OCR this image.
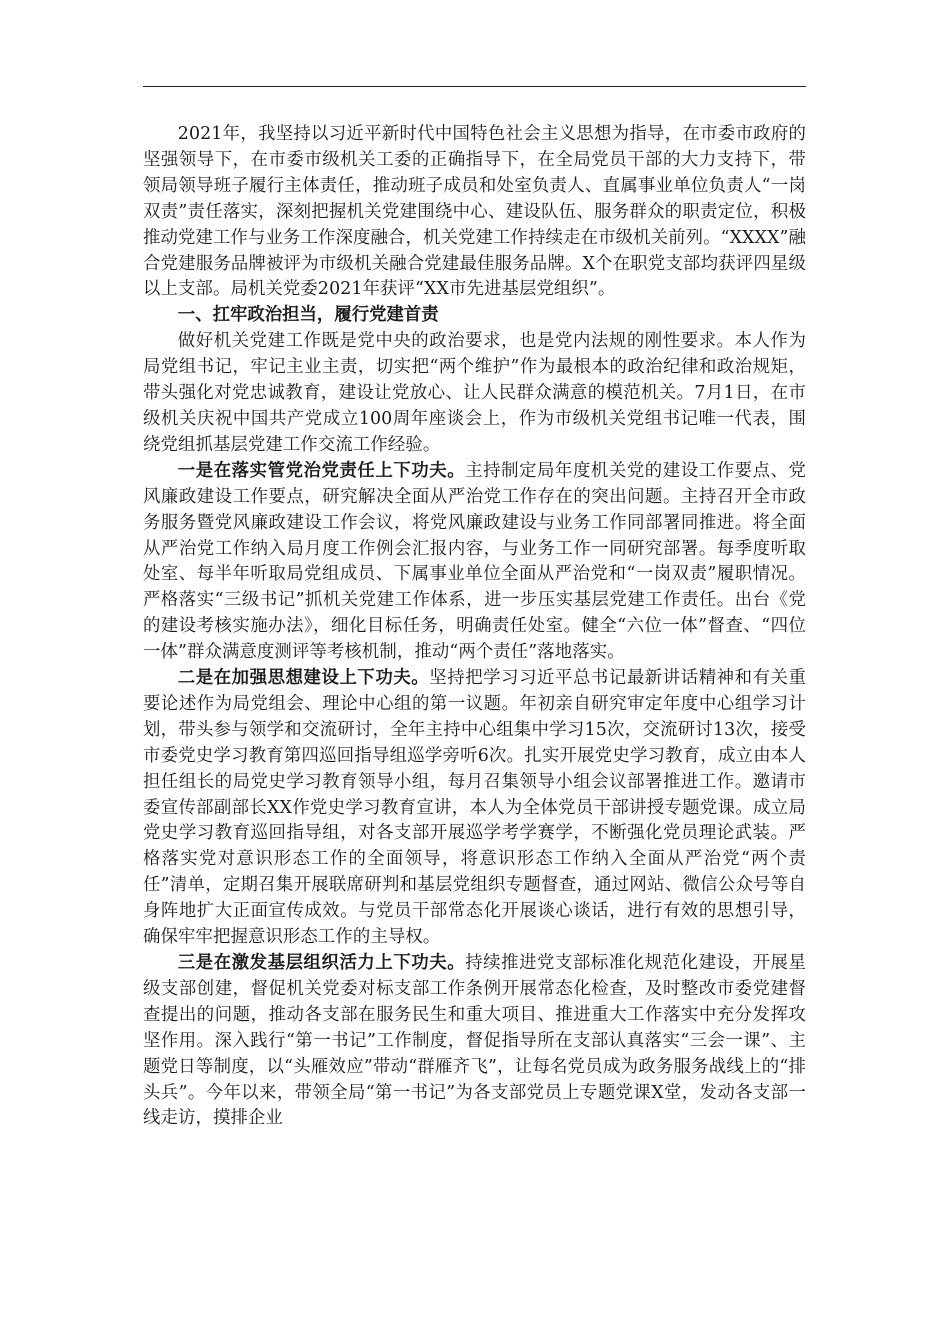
2021年，我坚持以习近平新时代中国特色社会主义思想为指导，在市委市政府的坚强领导下，在市委市级机关工委的正确指导下，在全局党员干部的大力支持下，带领局领导班子履行主体责任，推动班子成员和处室负责人、直属事业单位负责人“一岗双责”责任落实，深刻把握机关党建围绕中心、建设队伍、服务群众的职责定位，积极推动党建工作与业务工作深度融合，机关党建工作持续走在市级机关前列。“XXXX”融合党建服务品牌被评为市级机关融合党建最佳服务品牌。X个在职党支部均获评四星级以上支部。局机关党委2021年获评“XX市先进基层党组织”。

一、扛牢政治担当，履行党建首责

做好机关党建工作既是党中央的政治要求，也是党内法规的刚性要求。本人作为局党组书记，牢记主业主责，切实把“两个维护”作为最根本的政治纪律和政治规矩，带头强化对党忠诚教育，建设让党放心、让人民群众满意的模范机关。7月1日，在市级机关庆祝中国共产党成立100周年座谈会上，作为市级机关党组书记唯一代表，围绕党组抓基层党建工作交流工作经验。

一是在落实管党治党责任上下功夫。主持制定局年度机关党的建设工作要点、党风廉政建设工作要点，研究解决全面从严治党工作存在的突出问题。主持召开全市政务服务暨党风廉政建设工作会议，将党风廉政建设与业务工作同部署同推进。将全面从严治党工作纳入局月度工作例会汇报内容，与业务工作一同研究部署。每季度听取处室、每半年听取局党组成员、下属事业单位全面从严治党和“一岗双责”履职情况。严格落实“三级书记”抓机关党建工作体系，进一步压实基层党建工作责任。出台《党的建设考核实施办法》，细化目标任务，明确责任处室。健全“六位一体”督查、“四位一体”群众满意度测评等考核机制，推动“两个责任”落地落实。

二是在加强思想建设上下功夫。坚持把学习习近平总书记最新讲话精神和有关重要论述作为局党组会、理论中心组的第一议题。年初亲自研究审定年度中心组学习计划，带头参与领学和交流研讨，全年主持中心组集中学习15次，交流研讨13次，接受市委党史学习教育第四巡回指导组巡学旁听6次。扎实开展党史学习教育，成立由本人担任组长的局党史学习教育领导小组，每月召集领导小组会议部署推进工作。邀请市委宣传部副部长XX作党史学习教育宣讲，本人为全体党员干部讲授专题党课。成立局党史学习教育巡回指导组，对各支部开展巡学考学赛学，不断强化党员理论武装。严格落实党对意识形态工作的全面领导，将意识形态工作纳入全面从严治党“两个责任”清单，定期召集开展联席研判和基层党组织专题督查，通过网站、微信公众号等自身阵地扩大正面宣传成效。与党员干部常态化开展谈心谈话，进行有效的思想引导，确保牢牢把握意识形态工作的主导权。

三是在激发基层组织活力上下功夫。持续推进党支部标准化规范化建设，开展星级支部创建，督促机关党委对标支部工作条例开展常态化检查，及时整改市委党建督查提出的问题，推动各支部在服务民生和重大项目、推进重大工作落实中充分发挥攻坚作用。深入践行“第一书记”工作制度，督促指导所在支部认真落实“三会一课”、主题党日等制度，以“头雁效应”带动“群雁齐飞”，让每名党员成为政务服务战线上的“排头兵”。今年以来，带领全局“第一书记”为各支部党员上专题党课X堂，发动各支部一线走访，摸排企业
